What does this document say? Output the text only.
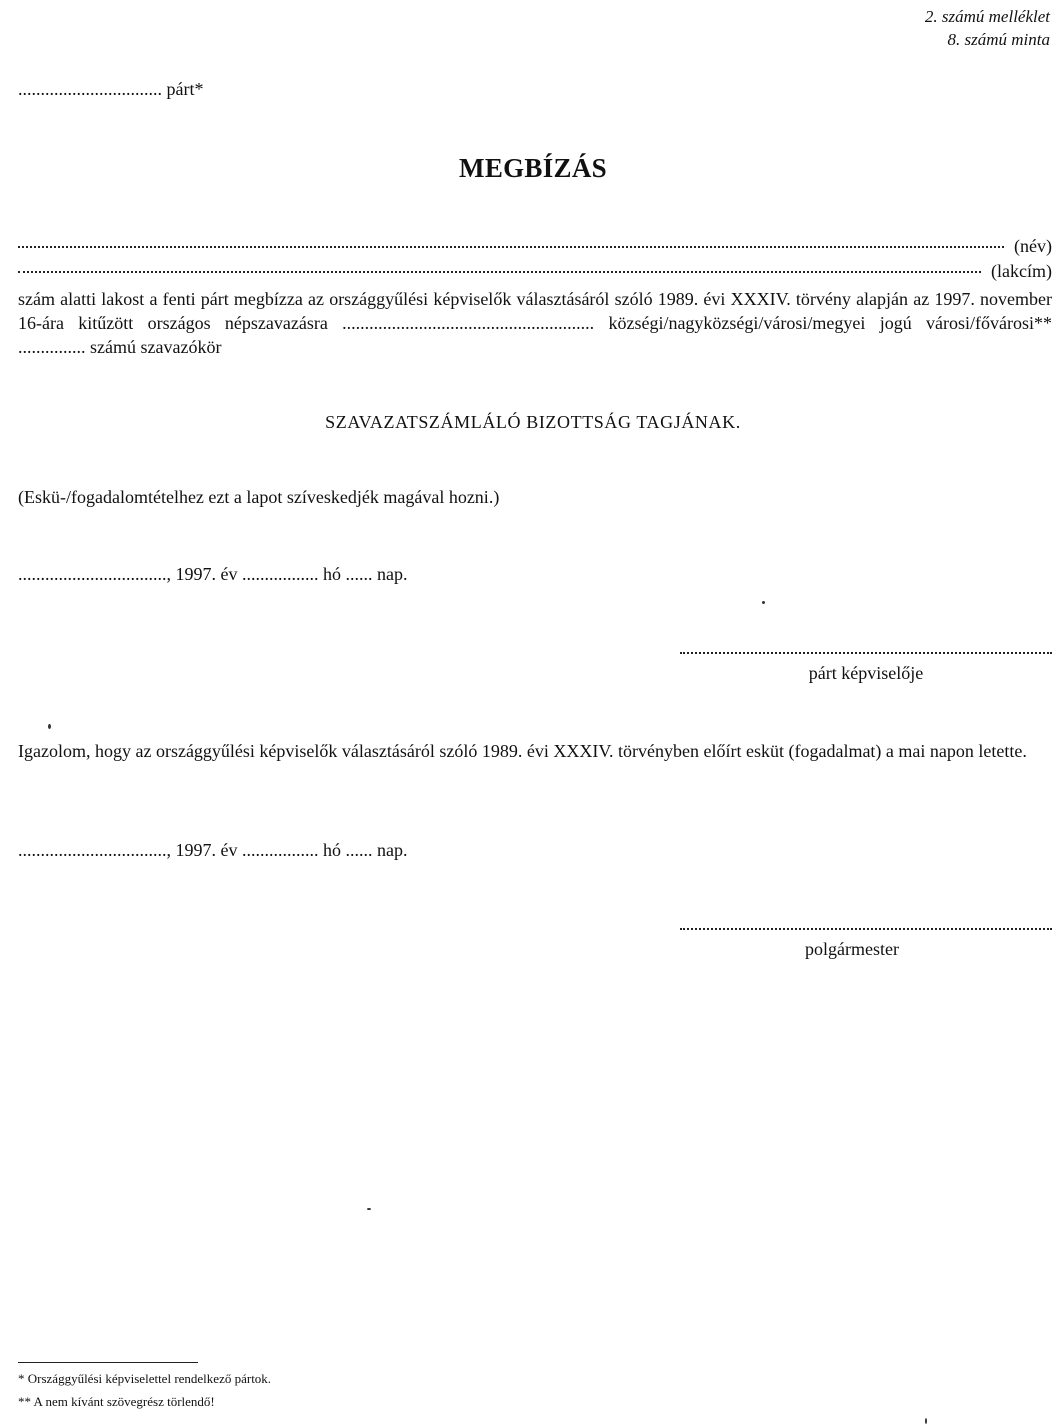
2. számú melléklet
8. számú minta
................................ párt*
MEGBÍZÁS
(név)
(lakcím)
szám alatti lakost a fenti párt megbízza az országgyűlési képviselők választásáról szóló 1989. évi XXXIV. törvény alapján az 1997. november 16-ára kitűzött országos népszavazásra ........................................................ községi/nagyközségi/városi/megyei jogú városi/fővárosi** ............... számú szavazókör
SZAVAZATSZÁMLÁLÓ BIZOTTSÁG TAGJÁNAK.
(Eskü-/fogadalomtételhez ezt a lapot szíveskedjék magával hozni.)
................................., 1997. év ................. hó ...... nap.
párt képviselője
Igazolom, hogy az országgyűlési képviselők választásáról szóló 1989. évi XXXIV. törvényben előírt esküt (fogadalmat) a mai napon letette.
................................., 1997. év ................. hó ...... nap.
polgármester
* Országgyűlési képviselettel rendelkező pártok.
** A nem kívánt szövegrész törlendő!
